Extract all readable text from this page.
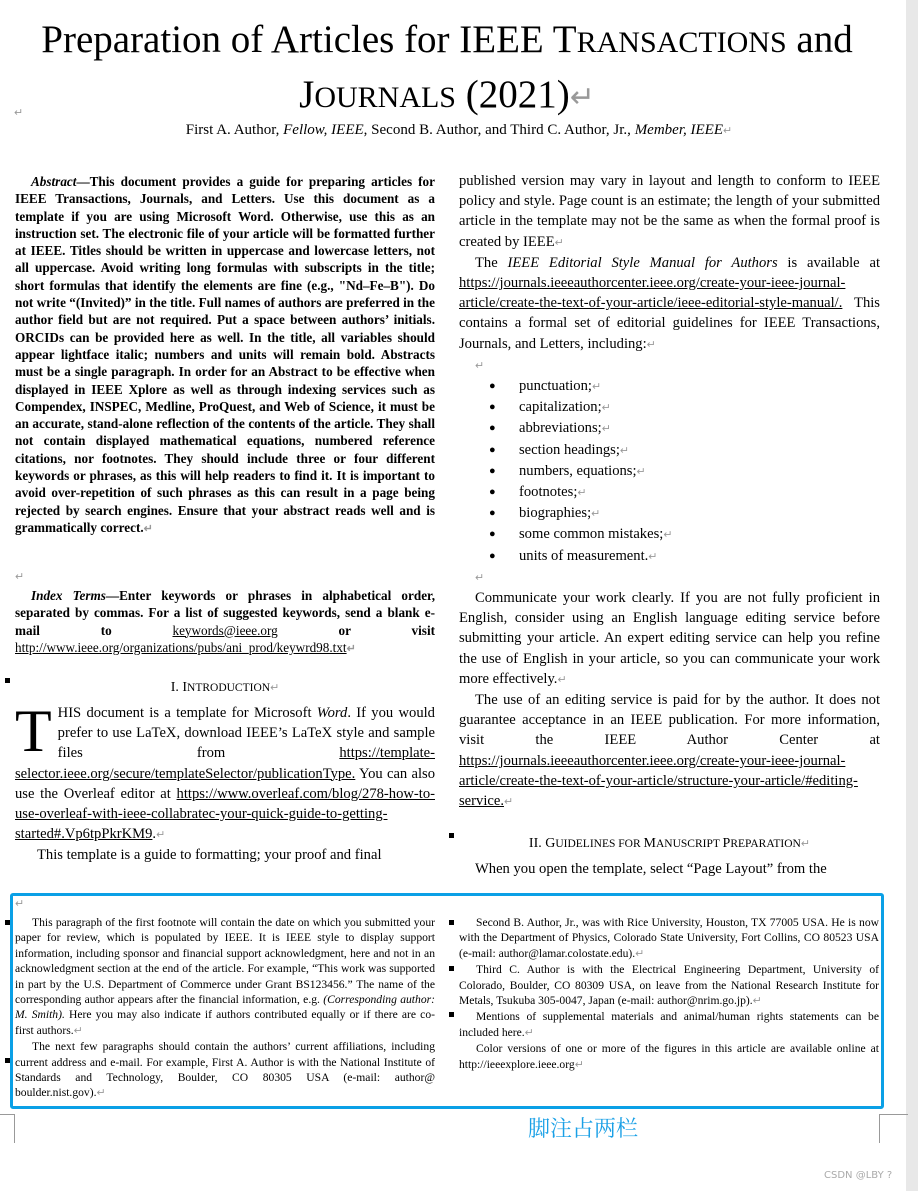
Preparation of Articles for IEEE TRANSACTIONS and
JOURNALS (2021)↵
↵
First A. Author, Fellow, IEEE, Second B. Author, and Third C. Author, Jr., Member, IEEE↵

Abstract—This document provides a guide for preparing articles for IEEE Transactions, Journals, and Letters. Use this document as a template if you are using Microsoft Word. Otherwise, use this as an instruction set. The electronic file of your article will be formatted further at IEEE. Titles should be written in uppercase and lowercase letters, not all uppercase. Avoid writing long formulas with subscripts in the title; short formulas that identify the elements are fine (e.g., "Nd–Fe–B"). Do not write “(Invited)” in the title. Full names of authors are preferred in the author field but are not required. Put a space between authors’ initials. ORCIDs can be provided here as well. In the title, all variables should appear lightface italic; numbers and units will remain bold. Abstracts must be a single paragraph. In order for an Abstract to be effective when displayed in IEEE Xplore as well as through indexing services such as Compendex, INSPEC, Medline, ProQuest, and Web of Science, it must be an accurate, stand-alone reflection of the contents of the article. They shall not contain displayed mathematical equations, numbered reference citations, nor footnotes. They should include three or four different keywords or phrases, as this will help readers to find it. It is important to avoid over-repetition of such phrases as this can result in a page being rejected by search engines. Ensure that your abstract reads well and is grammatically correct.↵

↵

Index Terms—Enter keywords or phrases in alphabetical order, separated by commas. For a list of suggested keywords, send a blank e-mail to keywords@ieee.org or visit http://www.ieee.org/organizations/pubs/ani_prod/keywrd98.txt↵

I. INTRODUCTION↵

THIS document is a template for Microsoft Word. If you would prefer to use LaTeX, download IEEE’s LaTeX style and sample files from https://template-selector.ieee.org/secure/templateSelector/publicationType. You can also use the Overleaf editor at https://www.overleaf.com/blog/278-how-to-use-overleaf-with-ieee-collabratec-your-quick-guide-to-getting-started#.Vp6tpPkrKM9.↵

This template is a guide to formatting; your proof and final

published version may vary in layout and length to conform to IEEE policy and style. Page count is an estimate; the length of your submitted article in the template may not be the same as when the formal proof is created by IEEE↵

The IEEE Editorial Style Manual for Authors is available at https://journals.ieeeauthorcenter.ieee.org/create-your-ieee-journal-article/create-the-text-of-your-article/ieee-editorial-style-manual/. This contains a formal set of editorial guidelines for IEEE Transactions, Journals, and Letters, including:↵

↵
● punctuation;↵
● capitalization;↵
● abbreviations;↵
● section headings;↵
● numbers, equations;↵
● footnotes;↵
● biographies;↵
● some common mistakes;↵
● units of measurement.↵
↵

Communicate your work clearly. If you are not fully proficient in English, consider using an English language editing service before submitting your article. An expert editing service can help you refine the use of English in your article, so you can communicate your work more effectively.↵

The use of an editing service is paid for by the author. It does not guarantee acceptance in an IEEE publication. For more information, visit the IEEE Author Center at https://journals.ieeeauthorcenter.ieee.org/create-your-ieee-journal-article/create-the-text-of-your-article/structure-your-article/#editing-service.↵

II. GUIDELINES FOR MANUSCRIPT PREPARATION↵

When you open the template, select “Page Layout” from the

This paragraph of the first footnote will contain the date on which you submitted your paper for review, which is populated by IEEE. It is IEEE style to display support information, including sponsor and financial support acknowledgment, here and not in an acknowledgment section at the end of the article. For example, “This work was supported in part by the U.S. Department of Commerce under Grant BS123456.” The name of the corresponding author appears after the financial information, e.g. (Corresponding author: M. Smith). Here you may also indicate if authors contributed equally or if there are co-first authors.↵

The next few paragraphs should contain the authors’ current affiliations, including current address and e-mail. For example, First A. Author is with the National Institute of Standards and Technology, Boulder, CO 80305 USA (e-mail: author@ boulder.nist.gov).↵

↵

Second B. Author, Jr., was with Rice University, Houston, TX 77005 USA. He is now with the Department of Physics, Colorado State University, Fort Collins, CO 80523 USA (e-mail: author@lamar.colostate.edu).↵

Third C. Author is with the Electrical Engineering Department, University of Colorado, Boulder, CO 80309 USA, on leave from the National Research Institute for Metals, Tsukuba 305-0047, Japan (e-mail: author@nrim.go.jp).↵

Mentions of supplemental materials and animal/human rights statements can be included here.↵

Color versions of one or more of the figures in this article are available online at http://ieeexplore.ieee.org↵

脚注占两栏
CSDN @LBY ?
